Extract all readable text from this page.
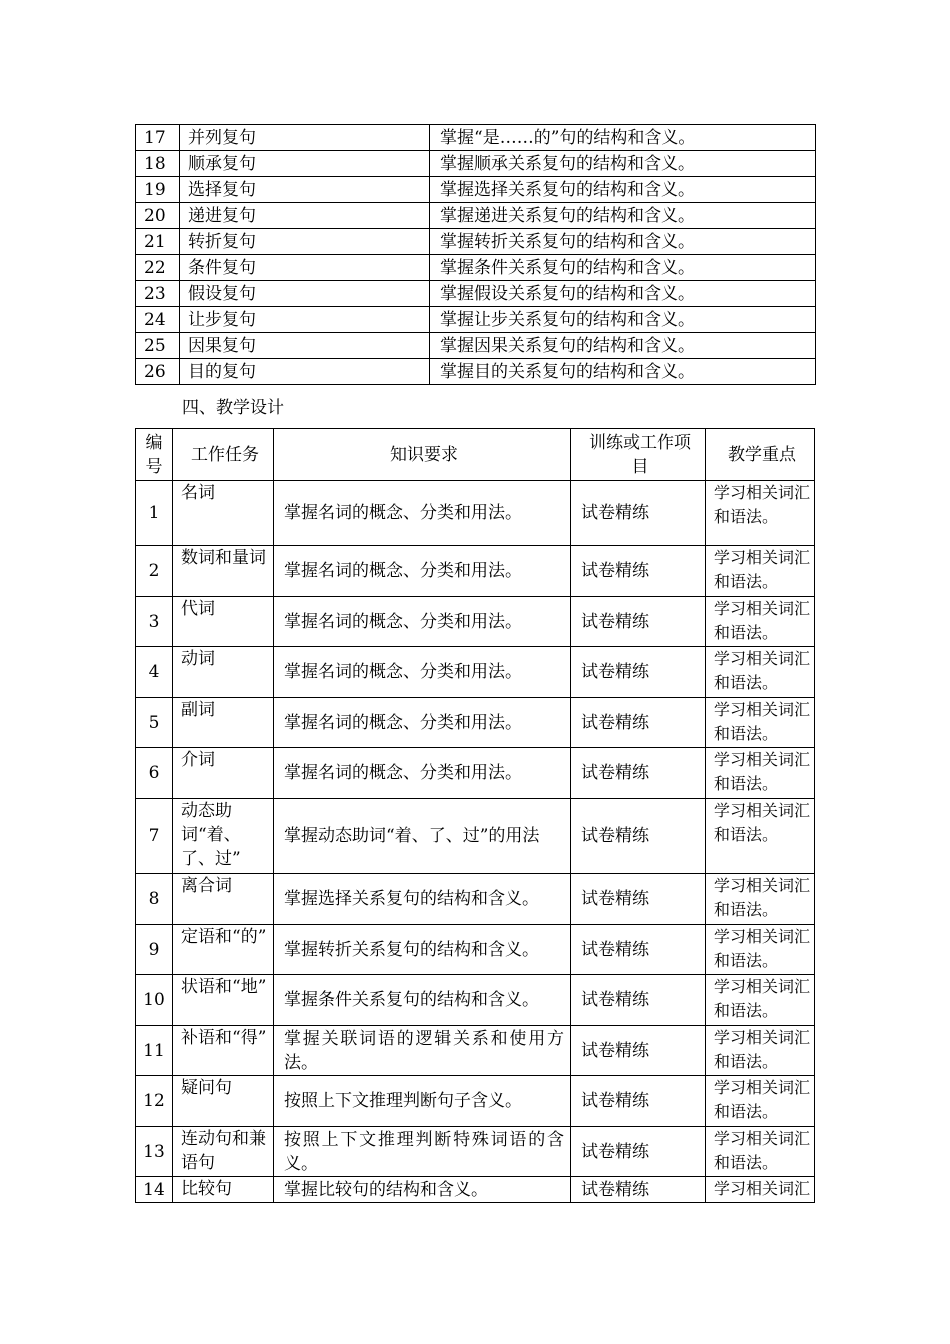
17	并列复句	掌握“是……的”句的结构和含义。
18	顺承复句	掌握顺承关系复句的结构和含义。
19	选择复句	掌握选择关系复句的结构和含义。
20	递进复句	掌握递进关系复句的结构和含义。
21	转折复句	掌握转折关系复句的结构和含义。
22	条件复句	掌握条件关系复句的结构和含义。
23	假设复句	掌握假设关系复句的结构和含义。
24	让步复句	掌握让步关系复句的结构和含义。
25	因果复句	掌握因果关系复句的结构和含义。
26	目的复句	掌握目的关系复句的结构和含义。
四、教学设计
编号	工作任务	知识要求	训练或工作项目	教学重点
1	名词	掌握名词的概念、分类和用法。	试卷精练	学习相关词汇和语法。
2	数词和量词	掌握名词的概念、分类和用法。	试卷精练	学习相关词汇和语法。
3	代词	掌握名词的概念、分类和用法。	试卷精练	学习相关词汇和语法。
4	动词	掌握名词的概念、分类和用法。	试卷精练	学习相关词汇和语法。
5	副词	掌握名词的概念、分类和用法。	试卷精练	学习相关词汇和语法。
6	介词	掌握名词的概念、分类和用法。	试卷精练	学习相关词汇和语法。
7	动态助词“着、了、过”	掌握动态助词“着、了、过”的用法	试卷精练	学习相关词汇和语法。
8	离合词	掌握选择关系复句的结构和含义。	试卷精练	学习相关词汇和语法。
9	定语和“的”	掌握转折关系复句的结构和含义。	试卷精练	学习相关词汇和语法。
10	状语和“地”	掌握条件关系复句的结构和含义。	试卷精练	学习相关词汇和语法。
11	补语和“得”	掌握关联词语的逻辑关系和使用方法。	试卷精练	学习相关词汇和语法。
12	疑问句	按照上下文推理判断句子含义。	试卷精练	学习相关词汇和语法。
13	连动句和兼语句	按照上下文推理判断特殊词语的含义。	试卷精练	学习相关词汇和语法。
14	比较句	掌握比较句的结构和含义。	试卷精练	学习相关词汇
